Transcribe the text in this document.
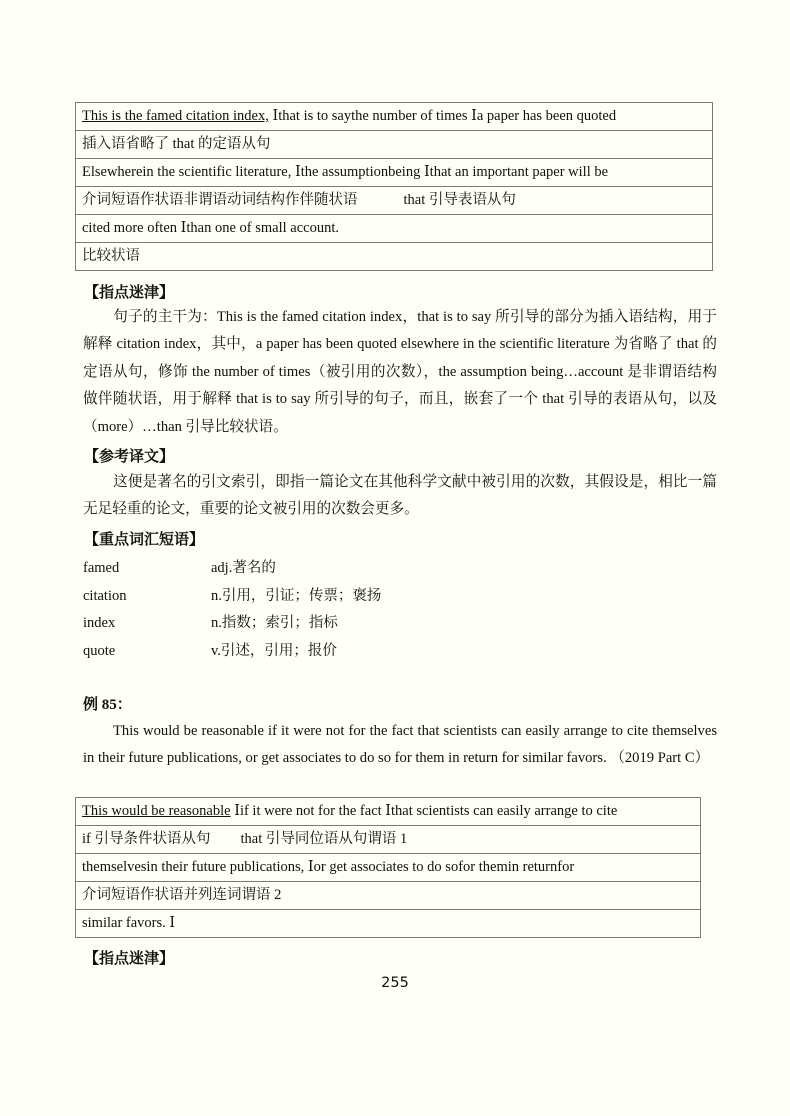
This is the famed citation index, Ⅰthat is to saythe number of times Ⅰa paper has been quoted
插入语省略了 that 的定语从句
Elsewherein the scientific literature, Ⅰthe assumptionbeing Ⅰthat an important paper will be
介词短语作状语非谓语动词结构作伴随状语	that 引导表语从句
cited more often Ⅰthan one of small account.
比较状语
【指点迷津】
句子的主干为：This is the famed citation index，that is to say 所引导的部分为插入语结构，用于解释 citation index，其中，a paper has been quoted elsewhere in the scientific literature 为省略了 that 的定语从句，修饰 the number of times（被引用的次数），the assumption being…account 是非谓语结构做伴随状语，用于解释 that is to say 所引导的句子，而且，嵌套了一个 that 引导的表语从句，以及（more）…than 引导比较状语。
【参考译文】
这便是著名的引文索引，即指一篇论文在其他科学文献中被引用的次数，其假设是，相比一篇无足轻重的论文，重要的论文被引用的次数会更多。
【重点词汇短语】
famed	adj.著名的
citation	n.引用，引证；传票；褒扬
index	n.指数；索引；指标
quote	v.引述，引用；报价
例 85：
This would be reasonable if it were not for the fact that scientists can easily arrange to cite themselves in their future publications, or get associates to do so for them in return for similar favors. （2019 Part C）
This would be reasonable Ⅰif it were not for the fact Ⅰthat scientists can easily arrange to cite
if 引导条件状语从句 that 引导同位语从句谓语 1
themselvesin their future publications, Ⅰor get associates to do sofor themin returnfor
介词短语作状语并列连词谓语 2
similar favors. Ⅰ
【指点迷津】
255
